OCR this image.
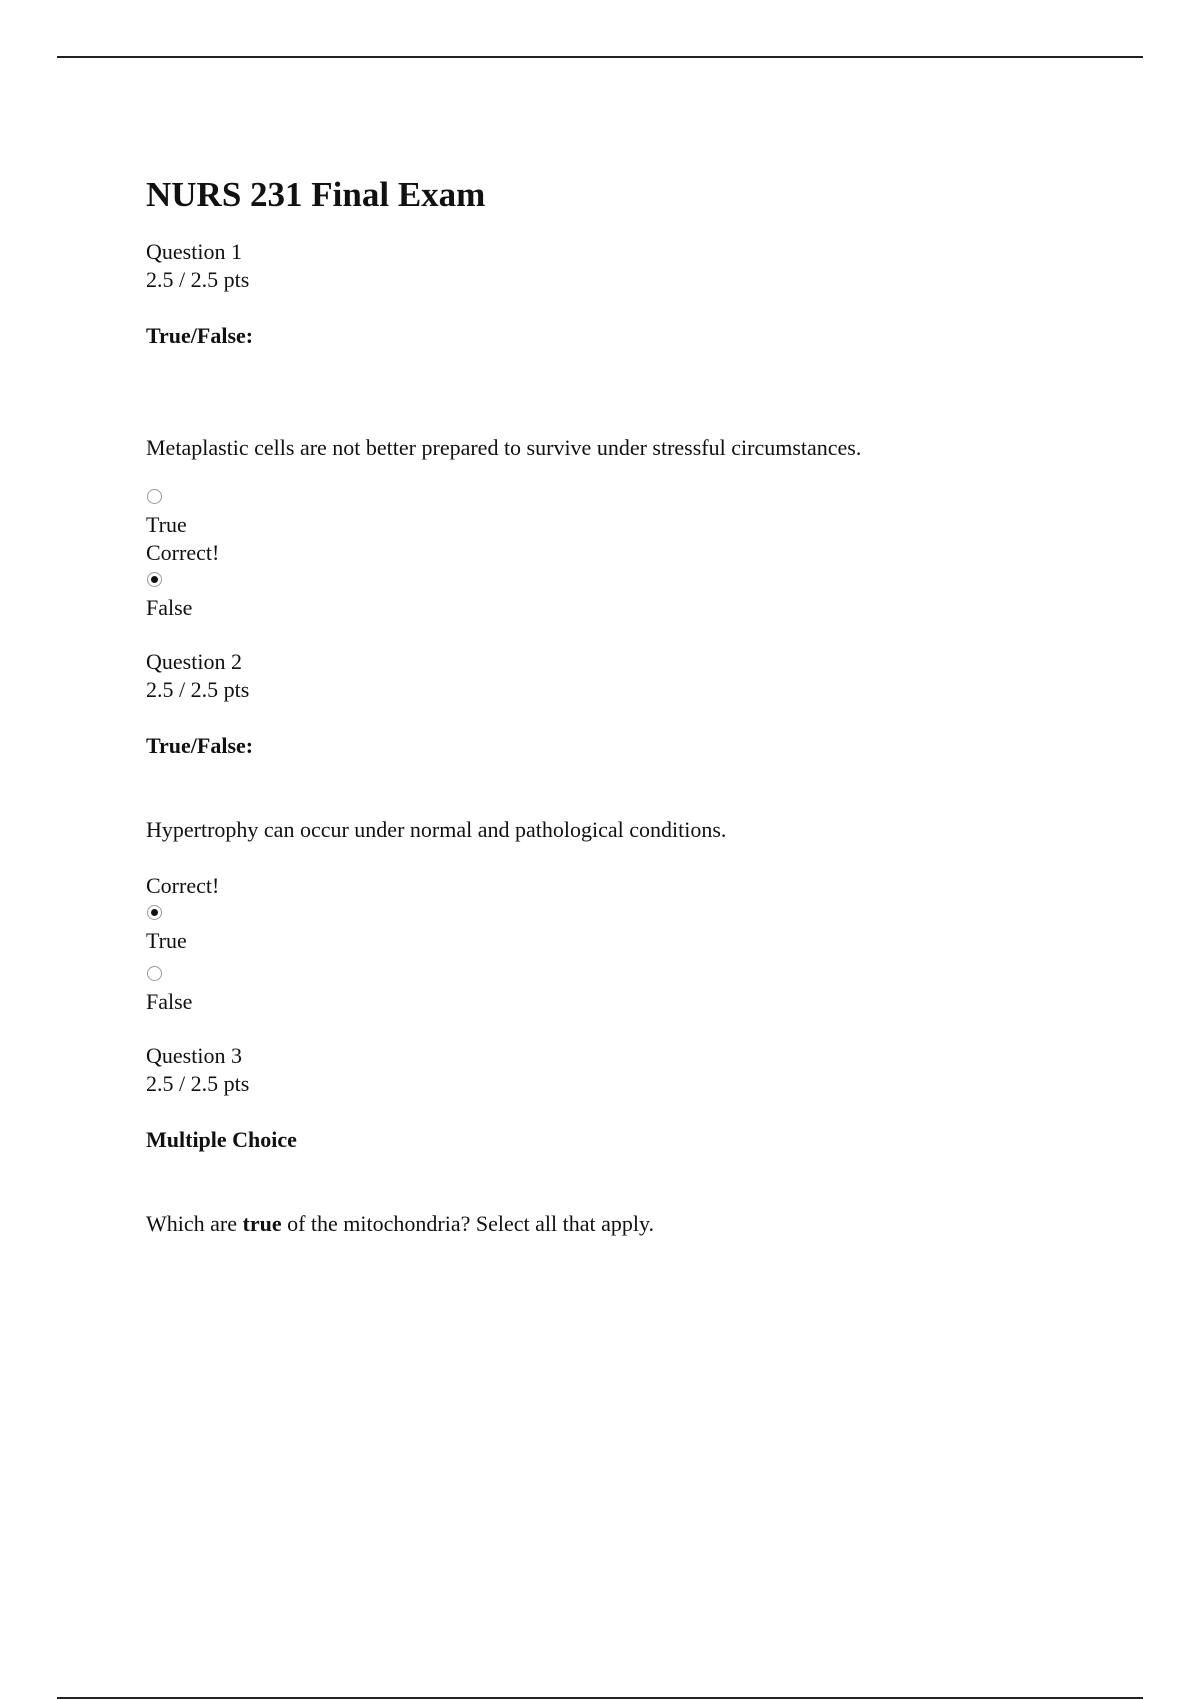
NURS 231 Final Exam

Question 1

2.5 / 2.5 pts

True/False:

Metaplastic cells are not better prepared to survive under stressful circumstances.

True

Correct!

False

Question 2

2.5 / 2.5 pts

True/False:

Hypertrophy can occur under normal and pathological conditions.

Correct!

True

False

Question 3

2.5 / 2.5 pts

Multiple Choice

Which are true of the mitochondria? Select all that apply.
